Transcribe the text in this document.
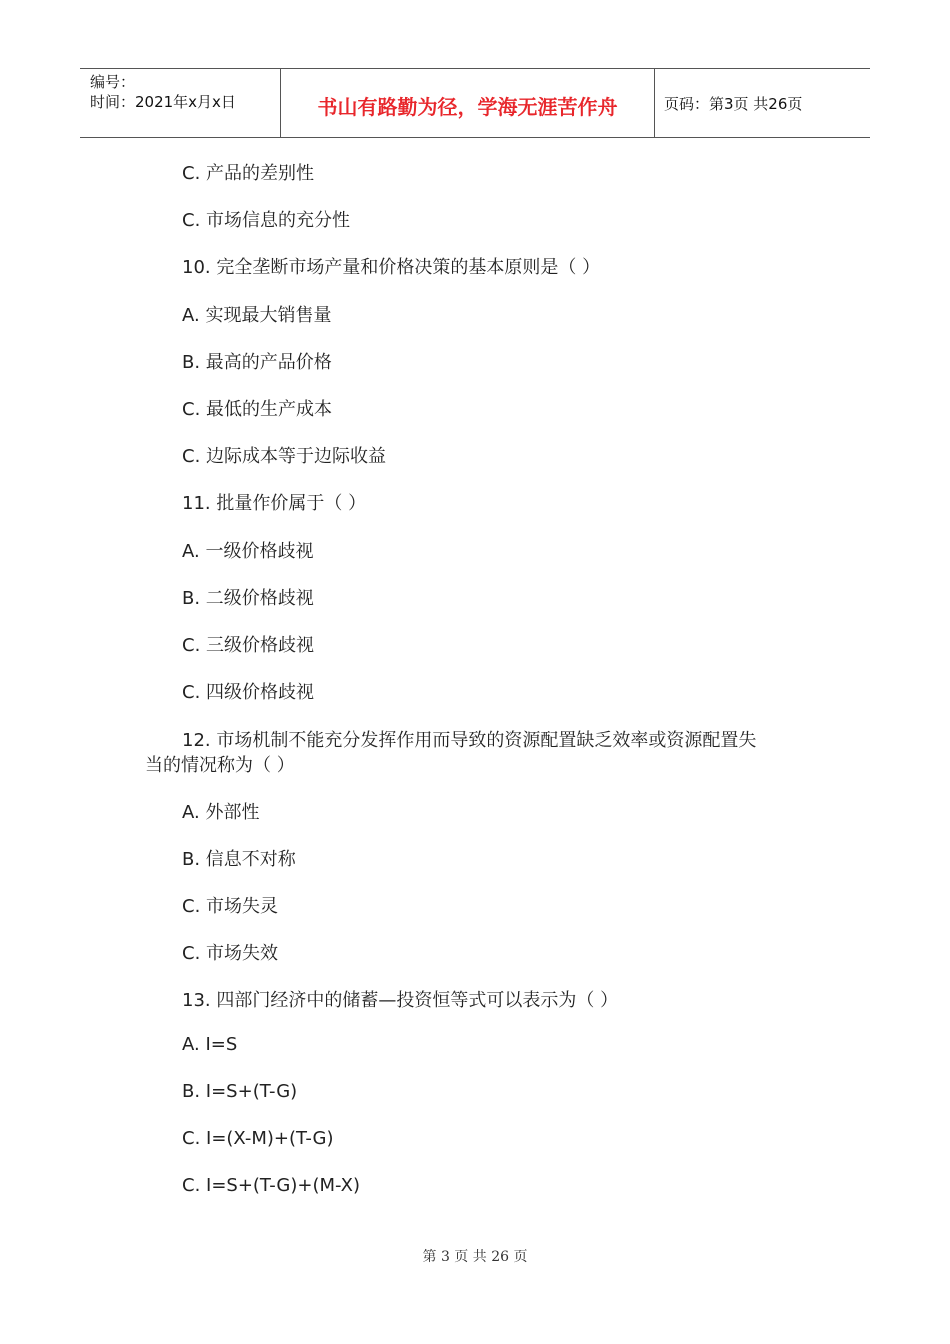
编号：
时间：2021年x月x日	书山有路勤为径，学海无涯苦作舟	页码：第3页 共26页
C. 产品的差别性
C. 市场信息的充分性
10. 完全垄断市场产量和价格决策的基本原则是（ ）
A. 实现最大销售量
B. 最高的产品价格
C. 最低的生产成本
C. 边际成本等于边际收益
11. 批量作价属于（ ）
A. 一级价格歧视
B. 二级价格歧视
C. 三级价格歧视
C. 四级价格歧视
12. 市场机制不能充分发挥作用而导致的资源配置缺乏效率或资源配置失
当的情况称为（ ）
A. 外部性
B. 信息不对称
C. 市场失灵
C. 市场失效
13. 四部门经济中的储蓄—投资恒等式可以表示为（ ）
A. I=S
B. I=S+(T-G)
C. I=(X-M)+(T-G)
C. I=S+(T-G)+(M-X)
第 3 页 共 26 页
